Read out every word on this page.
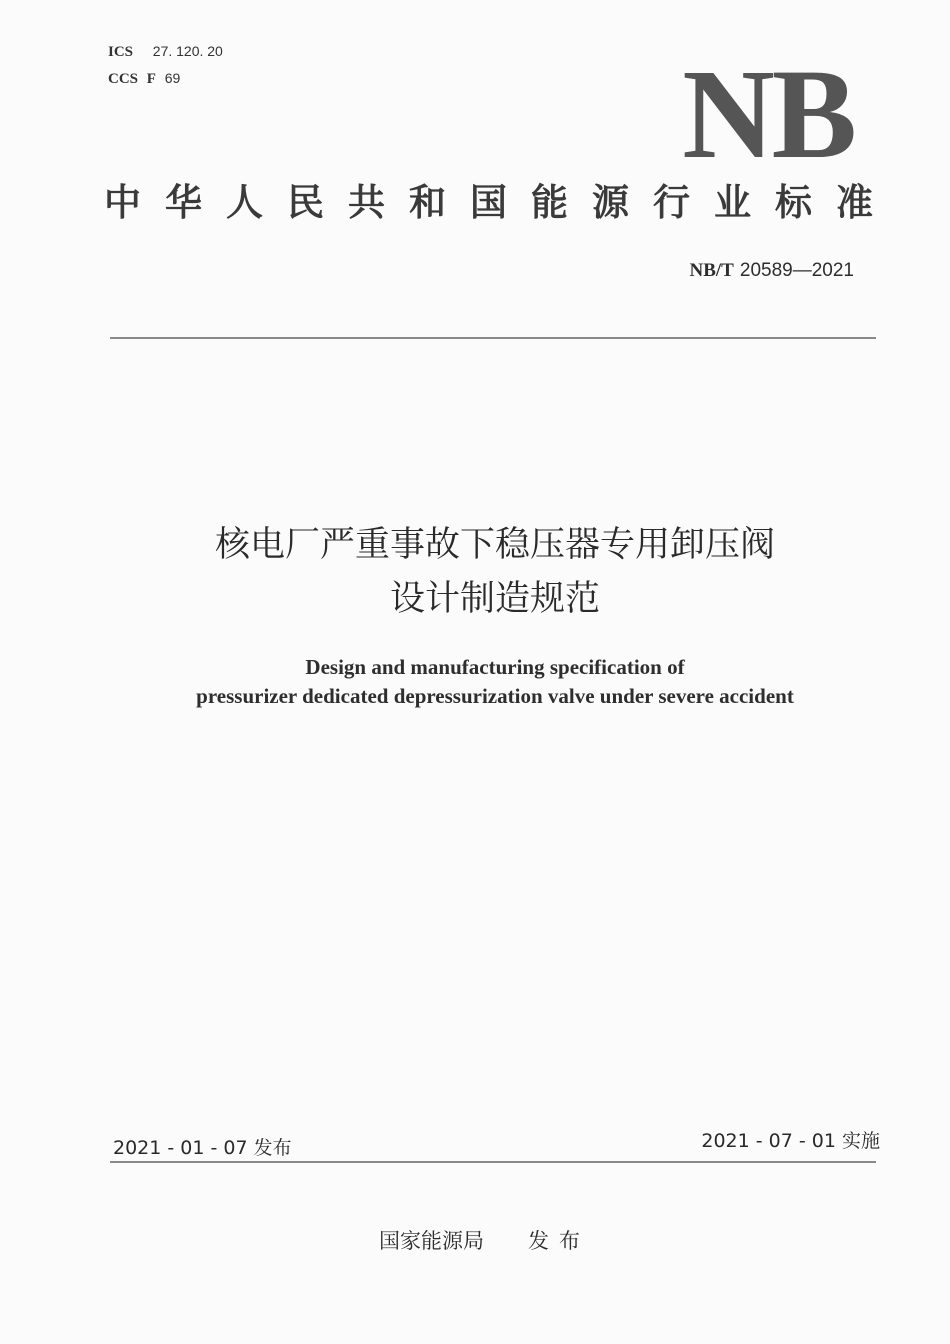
ICS 27. 120. 20
CCS F 69	NB
中华人民共和国能源行业标准
NB/T 20589—2021
核电厂严重事故下稳压器专用卸压阀
设计制造规范
Design and manufacturing specification of
pressurizer dedicated depressurization valve under severe accident
2021 - 01 - 07 发布	2021 - 07 - 01 实施
国家能源局 发布
